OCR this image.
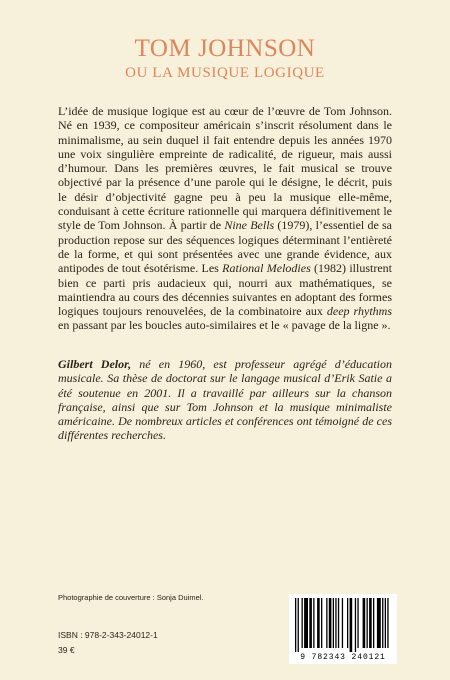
TOM JOHNSON
OU LA MUSIQUE LOGIQUE

L’idée de musique logique est au cœur de l’œuvre de Tom Johnson. Né en 1939, ce compositeur américain s’inscrit résolument dans le minimalisme, au sein duquel il fait entendre depuis les années 1970 une voix singulière empreinte de radicalité, de rigueur, mais aussi d’humour. Dans les premières œuvres, le fait musical se trouve objectivé par la présence d’une parole qui le désigne, le décrit, puis le désir d’objectivité gagne peu à peu la musique elle-même, conduisant à cette écriture rationnelle qui marquera définitivement le style de Tom Johnson. À partir de Nine Bells (1979), l’essentiel de sa production repose sur des séquences logiques déterminant l’entièreté de la forme, et qui sont présentées avec une grande évidence, aux antipodes de tout ésotérisme. Les Rational Melodies (1982) illustrent bien ce parti pris audacieux qui, nourri aux mathématiques, se maintiendra au cours des décennies suivantes en adoptant des formes logiques toujours renouvelées, de la combinatoire aux deep rhythms en passant par les boucles auto-similaires et le « pavage de la ligne ».

Gilbert Delor, né en 1960, est professeur agrégé d’éducation musicale. Sa thèse de doctorat sur le langage musical d’Erik Satie a été soutenue en 2001. Il a travaillé par ailleurs sur la chanson française, ainsi que sur Tom Johnson et la musique minimaliste américaine. De nombreux articles et conférences ont témoigné de ces différentes recherches.

Photographie de couverture : Sonja Duimel.
ISBN : 978-2-343-24012-1
39 €
9 782343 240121
